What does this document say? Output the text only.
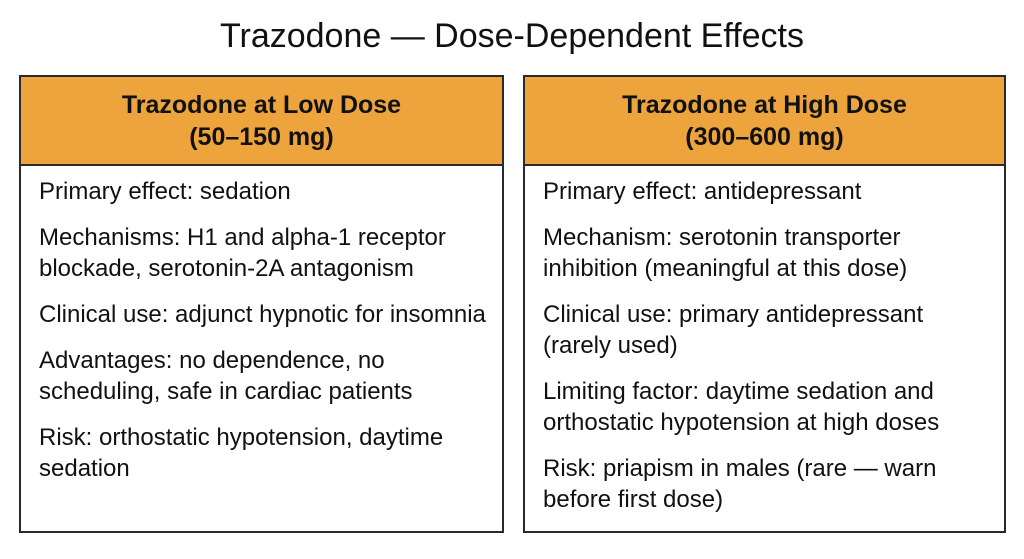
Trazodone — Dose-Dependent Effects
Trazodone at Low Dose
(50–150 mg)
Primary effect: sedation
Mechanisms: H1 and alpha-1 receptor blockade, serotonin-2A antagonism
Clinical use: adjunct hypnotic for insomnia
Advantages: no dependence, no scheduling, safe in cardiac patients
Risk: orthostatic hypotension, daytime sedation
Trazodone at High Dose
(300–600 mg)
Primary effect: antidepressant
Mechanism: serotonin transporter inhibition (meaningful at this dose)
Clinical use: primary antidepressant (rarely used)
Limiting factor: daytime sedation and orthostatic hypotension at high doses
Risk: priapism in males (rare — warn before first dose)
